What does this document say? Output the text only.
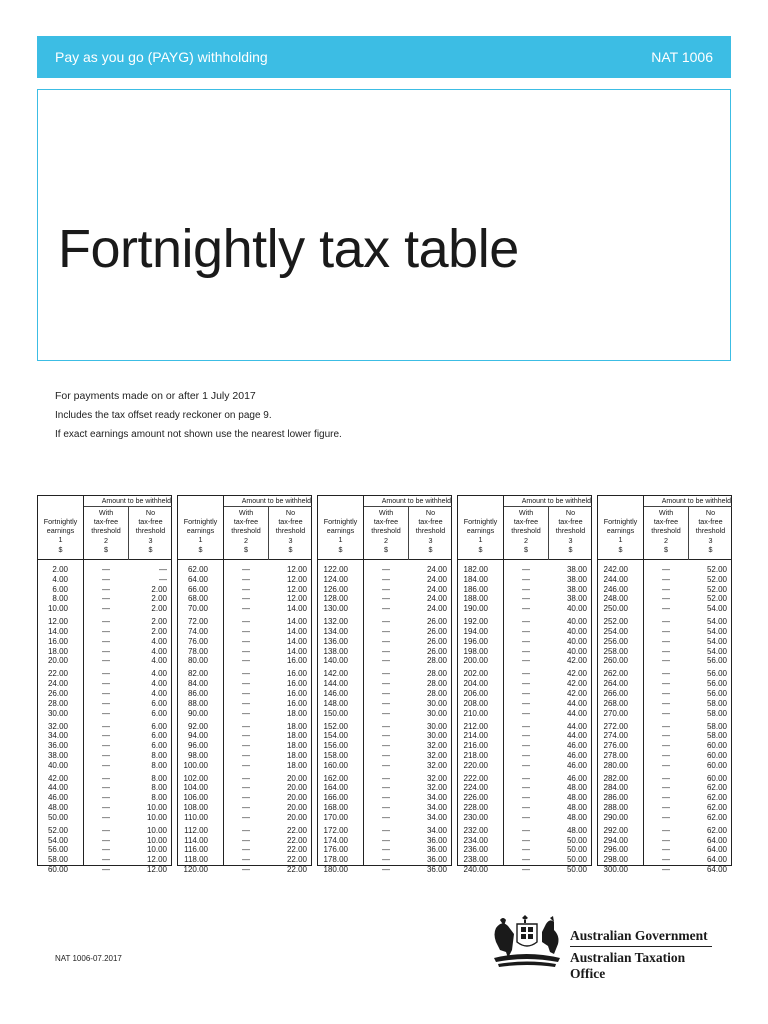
Pay as you go (PAYG) withholding	NAT 1006
Fortnightly tax table

For payments made on or after 1 July 2017

Includes the tax offset ready reckoner on page 9.

If exact earnings amount not shown use the nearest lower figure.

Amount to be withheld
Fortnightly
earnings
1
$
With
tax-free
threshold
2
$
No
tax-free
threshold
3
$
2.00	—	—
4.00	—	—
6.00	—	2.00
8.00	—	2.00
10.00	—	2.00
12.00	—	2.00
14.00	—	2.00
16.00	—	4.00
18.00	—	4.00
20.00	—	4.00
22.00	—	4.00
24.00	—	4.00
26.00	—	4.00
28.00	—	6.00
30.00	—	6.00
32.00	—	6.00
34.00	—	6.00
36.00	—	6.00
38.00	—	8.00
40.00	—	8.00
42.00	—	8.00
44.00	—	8.00
46.00	—	8.00
48.00	—	10.00
50.00	—	10.00
52.00	—	10.00
54.00	—	10.00
56.00	—	10.00
58.00	—	12.00
60.00	—	12.00
Amount to be withheld
Fortnightly
earnings
1
$
With
tax-free
threshold
2
$
No
tax-free
threshold
3
$
62.00	—	12.00
64.00	—	12.00
66.00	—	12.00
68.00	—	12.00
70.00	—	14.00
72.00	—	14.00
74.00	—	14.00
76.00	—	14.00
78.00	—	14.00
80.00	—	16.00
82.00	—	16.00
84.00	—	16.00
86.00	—	16.00
88.00	—	16.00
90.00	—	18.00
92.00	—	18.00
94.00	—	18.00
96.00	—	18.00
98.00	—	18.00
100.00	—	18.00
102.00	—	20.00
104.00	—	20.00
106.00	—	20.00
108.00	—	20.00
110.00	—	20.00
112.00	—	22.00
114.00	—	22.00
116.00	—	22.00
118.00	—	22.00
120.00	—	22.00
Amount to be withheld
Fortnightly
earnings
1
$
With
tax-free
threshold
2
$
No
tax-free
threshold
3
$
122.00	—	24.00
124.00	—	24.00
126.00	—	24.00
128.00	—	24.00
130.00	—	24.00
132.00	—	26.00
134.00	—	26.00
136.00	—	26.00
138.00	—	26.00
140.00	—	28.00
142.00	—	28.00
144.00	—	28.00
146.00	—	28.00
148.00	—	30.00
150.00	—	30.00
152.00	—	30.00
154.00	—	30.00
156.00	—	32.00
158.00	—	32.00
160.00	—	32.00
162.00	—	32.00
164.00	—	32.00
166.00	—	34.00
168.00	—	34.00
170.00	—	34.00
172.00	—	34.00
174.00	—	36.00
176.00	—	36.00
178.00	—	36.00
180.00	—	36.00
Amount to be withheld
Fortnightly
earnings
1
$
With
tax-free
threshold
2
$
No
tax-free
threshold
3
$
182.00	—	38.00
184.00	—	38.00
186.00	—	38.00
188.00	—	38.00
190.00	—	40.00
192.00	—	40.00
194.00	—	40.00
196.00	—	40.00
198.00	—	40.00
200.00	—	42.00
202.00	—	42.00
204.00	—	42.00
206.00	—	42.00
208.00	—	44.00
210.00	—	44.00
212.00	—	44.00
214.00	—	44.00
216.00	—	46.00
218.00	—	46.00
220.00	—	46.00
222.00	—	46.00
224.00	—	48.00
226.00	—	48.00
228.00	—	48.00
230.00	—	48.00
232.00	—	48.00
234.00	—	50.00
236.00	—	50.00
238.00	—	50.00
240.00	—	50.00
Amount to be withheld
Fortnightly
earnings
1
$
With
tax-free
threshold
2
$
No
tax-free
threshold
3
$
242.00	—	52.00
244.00	—	52.00
246.00	—	52.00
248.00	—	52.00
250.00	—	54.00
252.00	—	54.00
254.00	—	54.00
256.00	—	54.00
258.00	—	54.00
260.00	—	56.00
262.00	—	56.00
264.00	—	56.00
266.00	—	56.00
268.00	—	58.00
270.00	—	58.00
272.00	—	58.00
274.00	—	58.00
276.00	—	60.00
278.00	—	60.00
280.00	—	60.00
282.00	—	60.00
284.00	—	62.00
286.00	—	62.00
288.00	—	62.00
290.00	—	62.00
292.00	—	62.00
294.00	—	64.00
296.00	—	64.00
298.00	—	64.00
300.00	—	64.00
NAT 1006-07.2017
Australian Government
Australian Taxation Office
